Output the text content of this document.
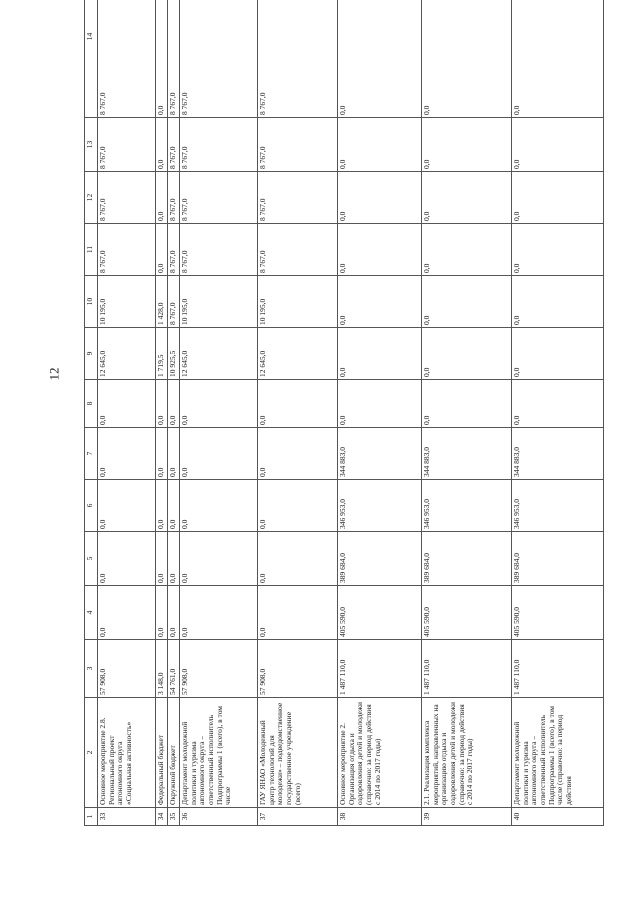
12
1	2	3	4	5	6	7	8	9	10	11	12	13	14
33	Основное мероприятие 2.8. Региональный проект автономного округа «Социальная активность»	57 908,0	0,0	0,0	0,0	0,0	0,0	12 645,0	10 195,0	8 767,0	8 767,0	8 767,0	8 767,0
34	Федеральный бюджет	3 148,0	0,0	0,0	0,0	0,0	0,0	1 719,5	1 428,0	0,0	0,0	0,0	0,0
35	Окружной бюджет	54 761,0	0,0	0,0	0,0	0,0	0,0	10 925,5	8 767,0	8 767,0	8 767,0	8 767,0	8 767,0
36	Департамент молодежной политики и туризма автономного округа – ответственный исполнитель Подпрограммы 1 (всего), в том числе	57 908,0	0,0	0,0	0,0	0,0	0,0	12 645,0	10 195,0	8 767,0	8 767,0	8 767,0	8 767,0
37	ГАУ ЯНАО «Молодежный центр технологий для молодежи» – подведомственное государственное учреждение (всего)	57 908,0	0,0	0,0	0,0	0,0	0,0	12 645,0	10 195,0	8 767,0	8 767,0	8 767,0	8 767,0
38	Основное мероприятие 2. Организация отдыха и оздоровления детей и молодежи (справочно: за период действия с 2014 по 2017 годы)	1 487 110,0	405 590,0	389 684,0	346 953,0	344 883,0	0,0	0,0	0,0	0,0	0,0	0,0	0,0
39	2.1. Реализация комплекса мероприятий, направленных на организацию отдыха и оздоровления детей и молодежи (справочно: за период действия с 2014 по 2017 годы)	1 487 110,0	405 590,0	389 684,0	346 953,0	344 883,0	0,0	0,0	0,0	0,0	0,0	0,0	0,0
40	Департамент молодежной политики и туризма автономного округа – ответственный исполнитель Подпрограммы 1 (всего), в том числе (справочно: за период действия	1 487 110,0	405 590,0	389 684,0	346 953,0	344 883,0	0,0	0,0	0,0	0,0	0,0	0,0	0,0
